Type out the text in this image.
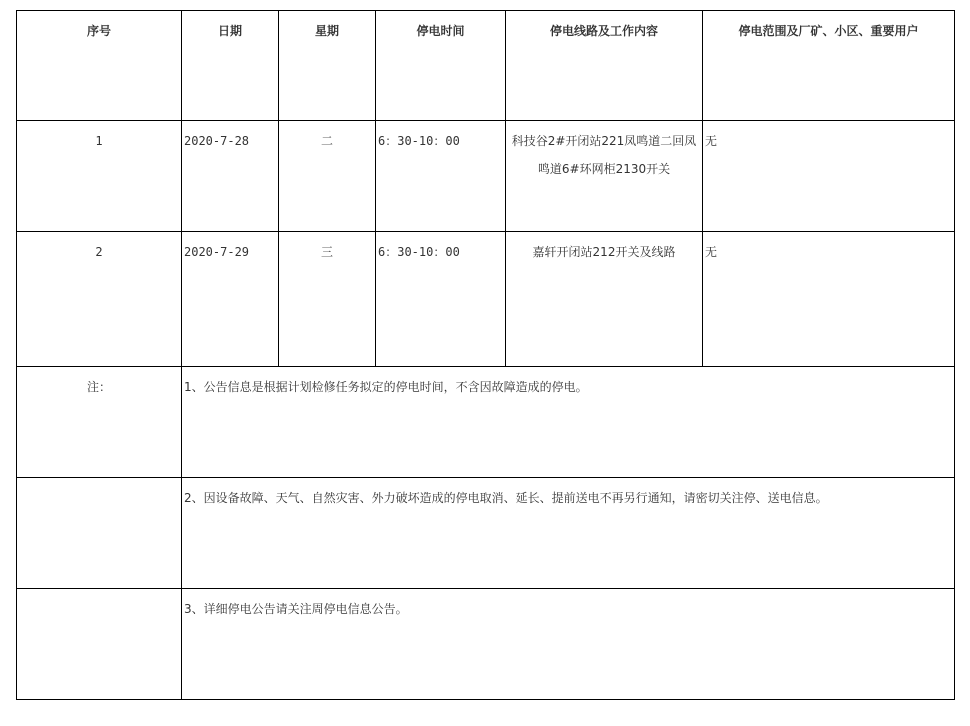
序号	日期	星期	停电时间	停电线路及工作内容	停电范围及厂矿、小区、重要用户
1	2020-7-28	二	6：30-10：00	科技谷2#开闭站221凤鸣道二回凤鸣道6#环网柜2130开关	无
2	2020-7-29	三	6：30-10：00	嘉轩开闭站212开关及线路	无
注：	1、公告信息是根据计划检修任务拟定的停电时间，不含因故障造成的停电。				
	2、因设备故障、天气、自然灾害、外力破坏造成的停电取消、延长、提前送电不再另行通知，请密切关注停、送电信息。				
	3、详细停电公告请关注周停电信息公告。				
